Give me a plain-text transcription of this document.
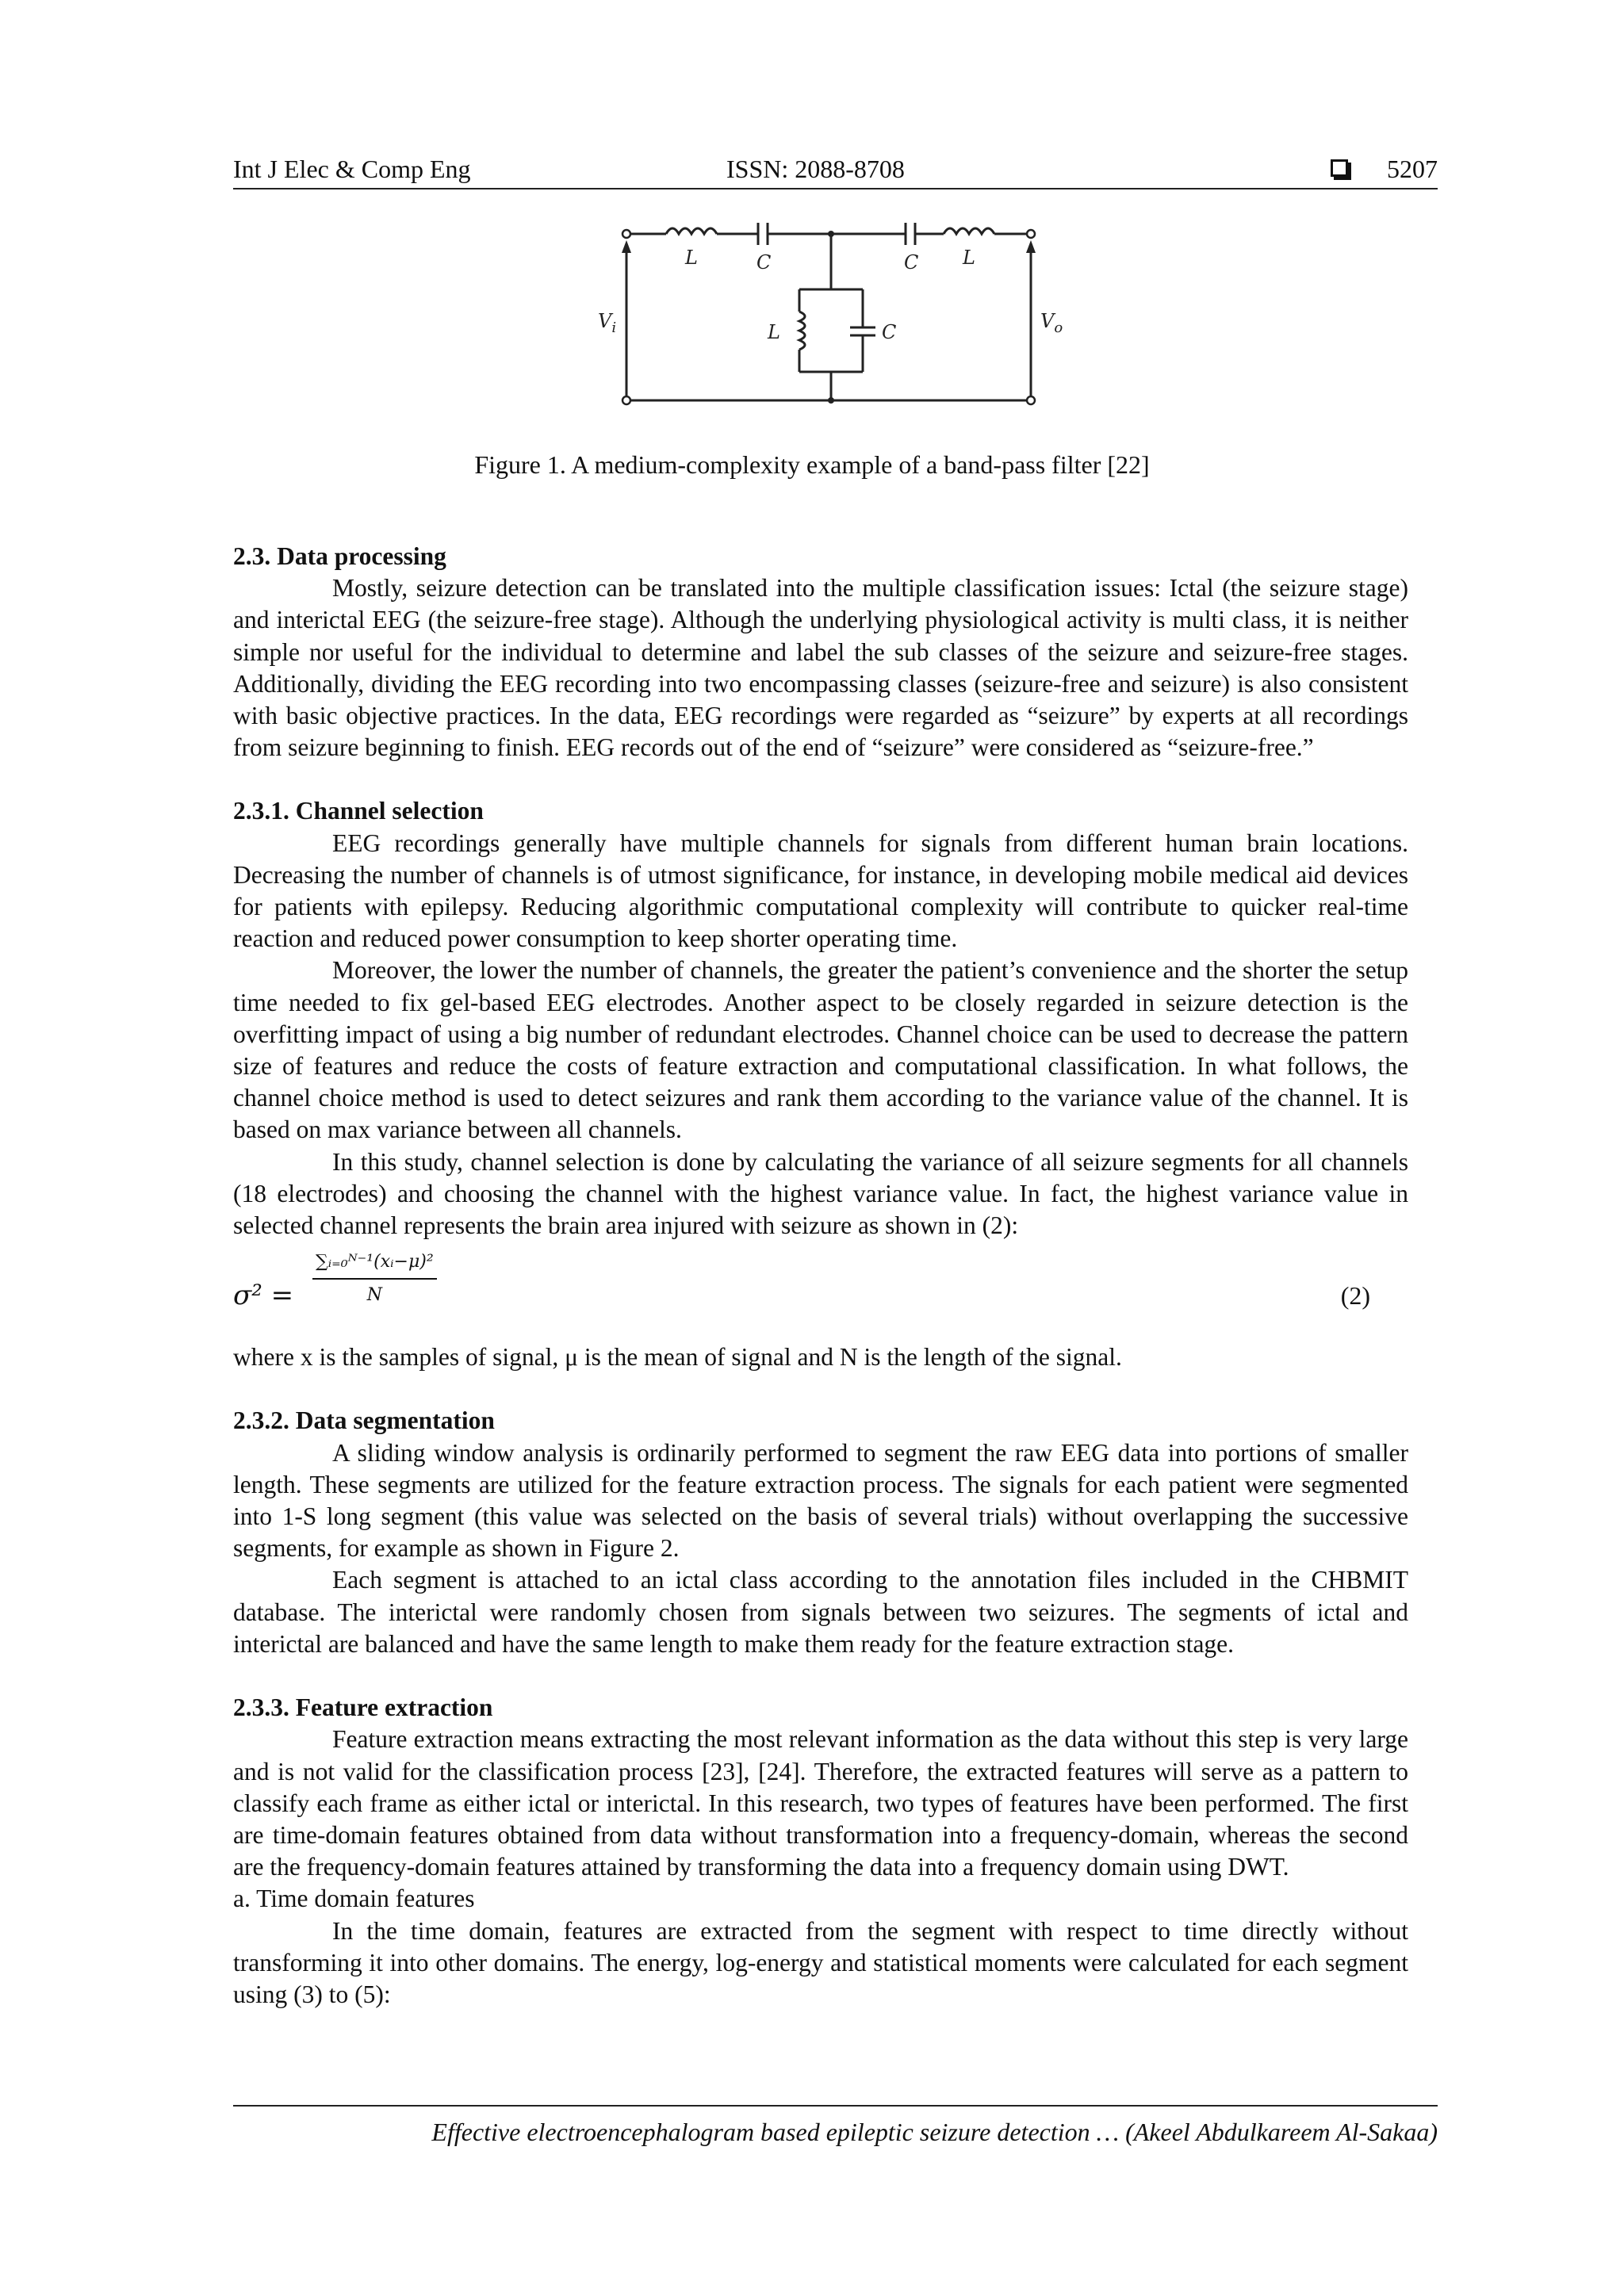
Int J Elec & Comp Eng	ISSN: 2088-8708	5207
L	C	C L
L	C
$V_i$	$V_o$
Figure 1. A medium-complexity example of a band-pass filter [22]
2.3. Data processing

Mostly, seizure detection can be translated into the multiple classification issues: Ictal (the seizure stage) and interictal EEG (the seizure-free stage). Although the underlying physiological activity is multi class, it is neither simple nor useful for the individual to determine and label the sub classes of the seizure and seizure-free stages. Additionally, dividing the EEG recording into two encompassing classes (seizure-free and seizure) is also consistent with basic objective practices. In the data, EEG recordings were regarded as “seizure” by experts at all recordings from seizure beginning to finish. EEG records out of the end of “seizure” were considered as “seizure-free.”

2.3.1. Channel selection

EEG recordings generally have multiple channels for signals from different human brain locations. Decreasing the number of channels is of utmost significance, for instance, in developing mobile medical aid devices for patients with epilepsy. Reducing algorithmic computational complexity will contribute to quicker real-time reaction and reduced power consumption to keep shorter operating time.

Moreover, the lower the number of channels, the greater the patient’s convenience and the shorter the setup time needed to fix gel-based EEG electrodes. Another aspect to be closely regarded in seizure detection is the overfitting impact of using a big number of redundant electrodes. Channel choice can be used to decrease the pattern size of features and reduce the costs of feature extraction and computational classification. In what follows, the channel choice method is used to detect seizures and rank them according to the variance value of the channel. It is based on max variance between all channels.

In this study, channel selection is done by calculating the variance of all seizure segments for all channels (18 electrodes) and choosing the channel with the highest variance value. In fact, the highest variance value in selected channel represents the brain area injured with seizure as shown in (2):

$\sigma^2 = \frac{\text{∑ᵢ₌₀ᴺ⁻¹(xᵢ−μ)²}}{N}$	(2)

where x is the samples of signal, μ is the mean of signal and N is the length of the signal.

2.3.2. Data segmentation

A sliding window analysis is ordinarily performed to segment the raw EEG data into portions of smaller length. These segments are utilized for the feature extraction process. The signals for each patient were segmented into 1-S long segment (this value was selected on the basis of several trials) without overlapping the successive segments, for example as shown in Figure 2.

Each segment is attached to an ictal class according to the annotation files included in the CHBMIT database. The interictal were randomly chosen from signals between two seizures. The segments of ictal and interictal are balanced and have the same length to make them ready for the feature extraction stage.

2.3.3. Feature extraction

Feature extraction means extracting the most relevant information as the data without this step is very large and is not valid for the classification process [23], [24]. Therefore, the extracted features will serve as a pattern to classify each frame as either ictal or interictal. In this research, two types of features have been performed. The first are time-domain features obtained from data without transformation into a frequency-domain, whereas the second are the frequency-domain features attained by transforming the data into a frequency domain using DWT.

a. Time domain features

In the time domain, features are extracted from the segment with respect to time directly without transforming it into other domains. The energy, log-energy and statistical moments were calculated for each segment using (3) to (5):

Effective electroencephalogram based epileptic seizure detection … (Akeel Abdulkareem Al-Sakaa)
